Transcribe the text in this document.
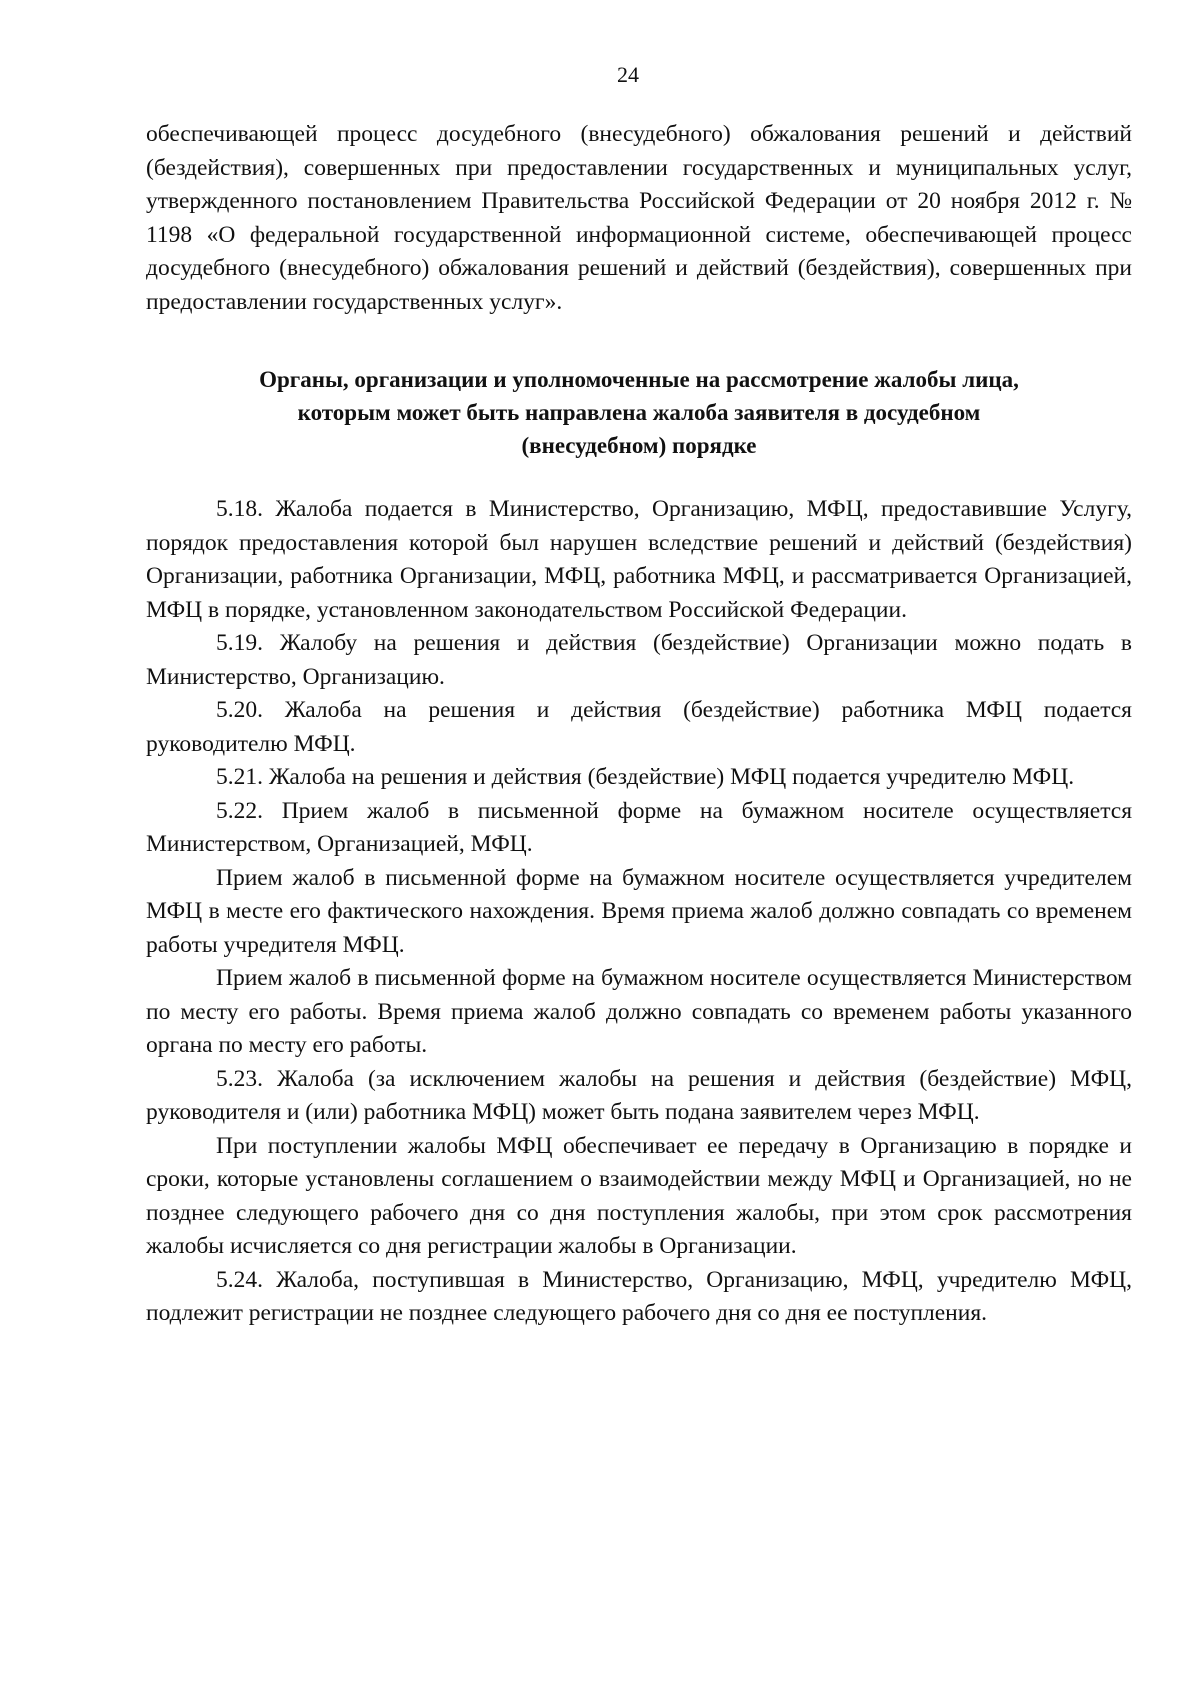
24

обеспечивающей процесс досудебного (внесудебного) обжалования решений и действий (бездействия), совершенных при предоставлении государственных и муниципальных услуг, утвержденного постановлением Правительства Российской Федерации от 20 ноября 2012 г. № 1198 «О федеральной государственной информационной системе, обеспечивающей процесс досудебного (внесудебного) обжалования решений и действий (бездействия), совершенных при предоставлении государственных услуг».

Органы, организации и уполномоченные на рассмотрение жалобы лица,
которым может быть направлена жалоба заявителя в досудебном
(внесудебном) порядке

5.18. Жалоба подается в Министерство, Организацию, МФЦ, предоставившие Услугу, порядок предоставления которой был нарушен вследствие решений и действий (бездействия) Организации, работника Организации, МФЦ, работника МФЦ, и рассматривается Организацией, МФЦ в порядке, установленном законодательством Российской Федерации.

5.19. Жалобу на решения и действия (бездействие) Организации можно подать в Министерство, Организацию.

5.20. Жалоба на решения и действия (бездействие) работника МФЦ подается руководителю МФЦ.

5.21. Жалоба на решения и действия (бездействие) МФЦ подается учредителю МФЦ.

5.22. Прием жалоб в письменной форме на бумажном носителе осуществляется Министерством, Организацией, МФЦ.

Прием жалоб в письменной форме на бумажном носителе осуществляется учредителем МФЦ в месте его фактического нахождения. Время приема жалоб должно совпадать со временем работы учредителя МФЦ.

Прием жалоб в письменной форме на бумажном носителе осуществляется Министерством по месту его работы. Время приема жалоб должно совпадать со временем работы указанного органа по месту его работы.

5.23. Жалоба (за исключением жалобы на решения и действия (бездействие) МФЦ, руководителя и (или) работника МФЦ) может быть подана заявителем через МФЦ.

При поступлении жалобы МФЦ обеспечивает ее передачу в Организацию в порядке и сроки, которые установлены соглашением о взаимодействии между МФЦ и Организацией, но не позднее следующего рабочего дня со дня поступления жалобы, при этом срок рассмотрения жалобы исчисляется со дня регистрации жалобы в Организации.

5.24. Жалоба, поступившая в Министерство, Организацию, МФЦ, учредителю МФЦ, подлежит регистрации не позднее следующего рабочего дня со дня ее поступления.
